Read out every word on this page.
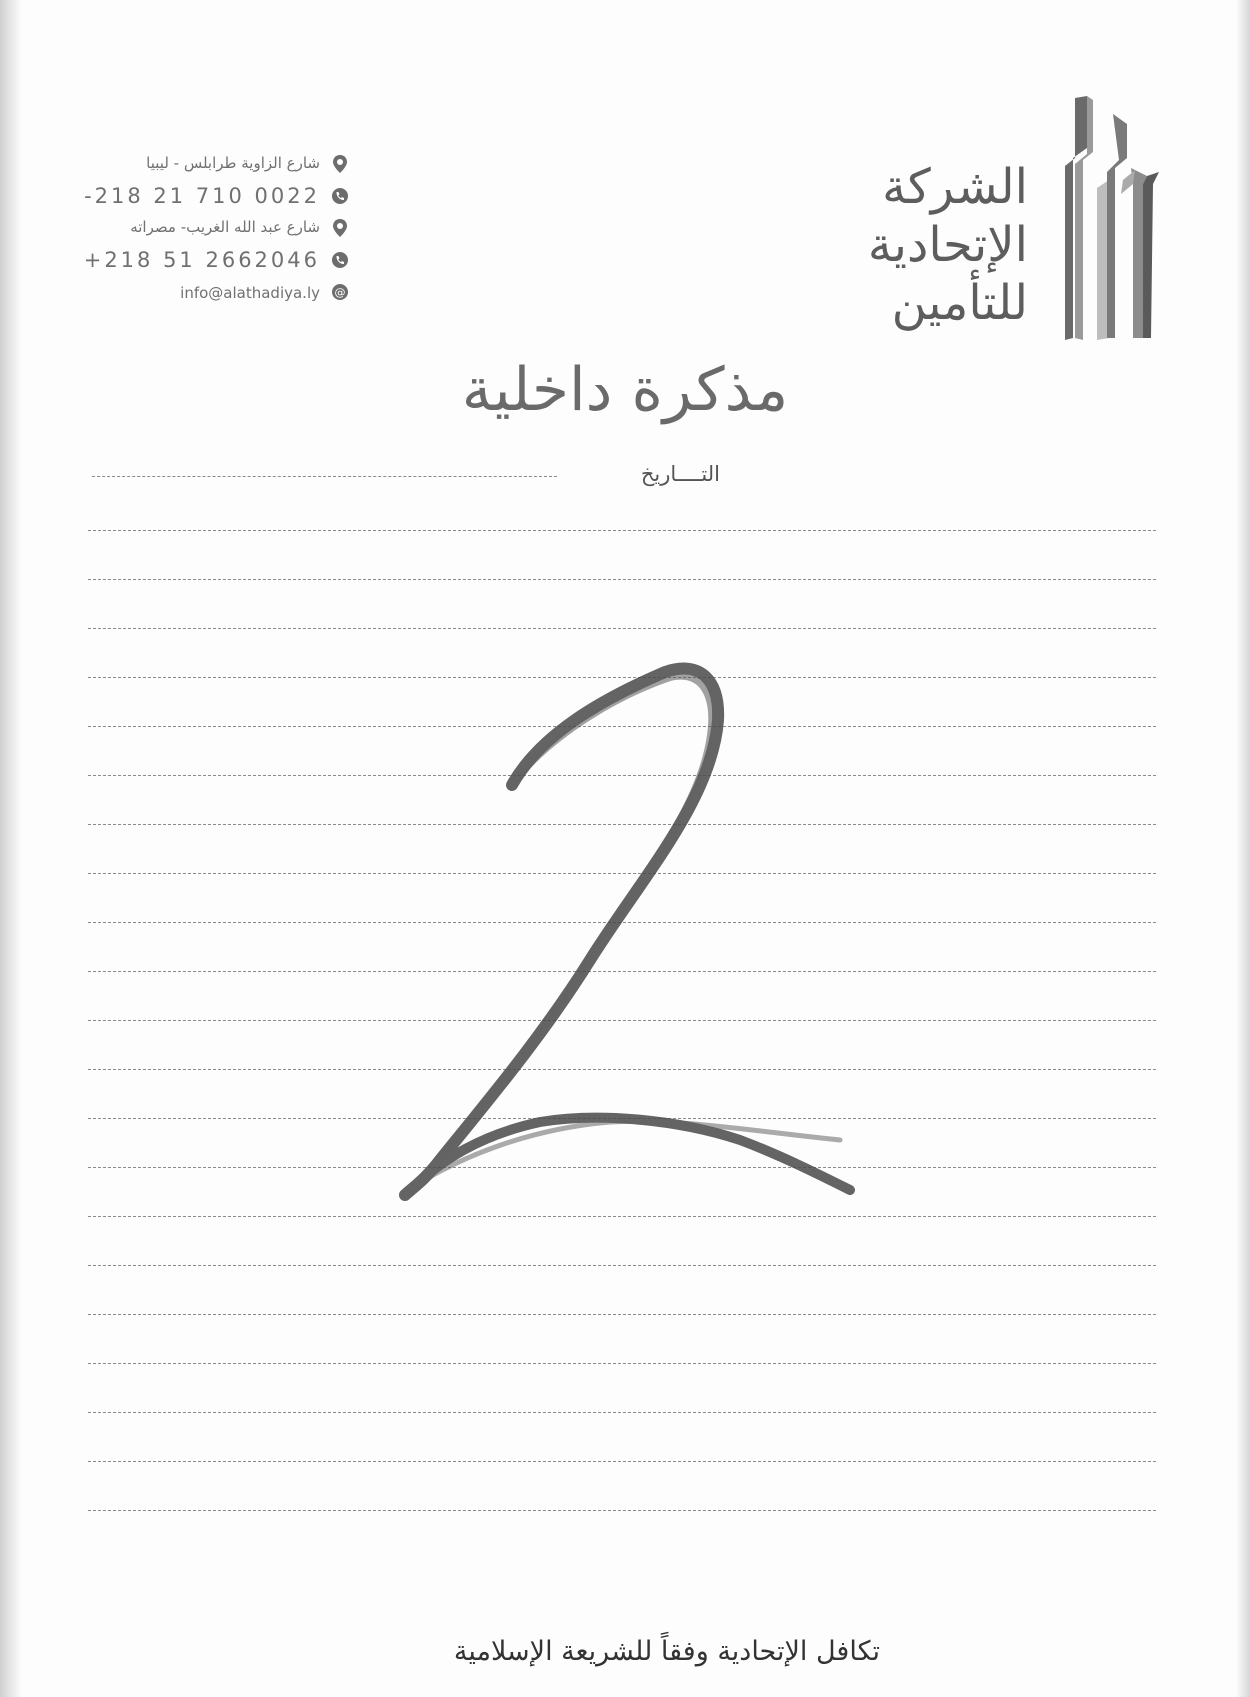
الشركة
الإتحادية
للتأمين
شارع الزاوية طرابلس - ليبيا
-218 21 710 0022
شارع عبد الله الغريب- مصراته
+218 51 2662046
info@alathadiya.ly @
مذكرة داخلية
التــــاريخ
تكافل الإتحادية وفقاً للشريعة الإسلامية
